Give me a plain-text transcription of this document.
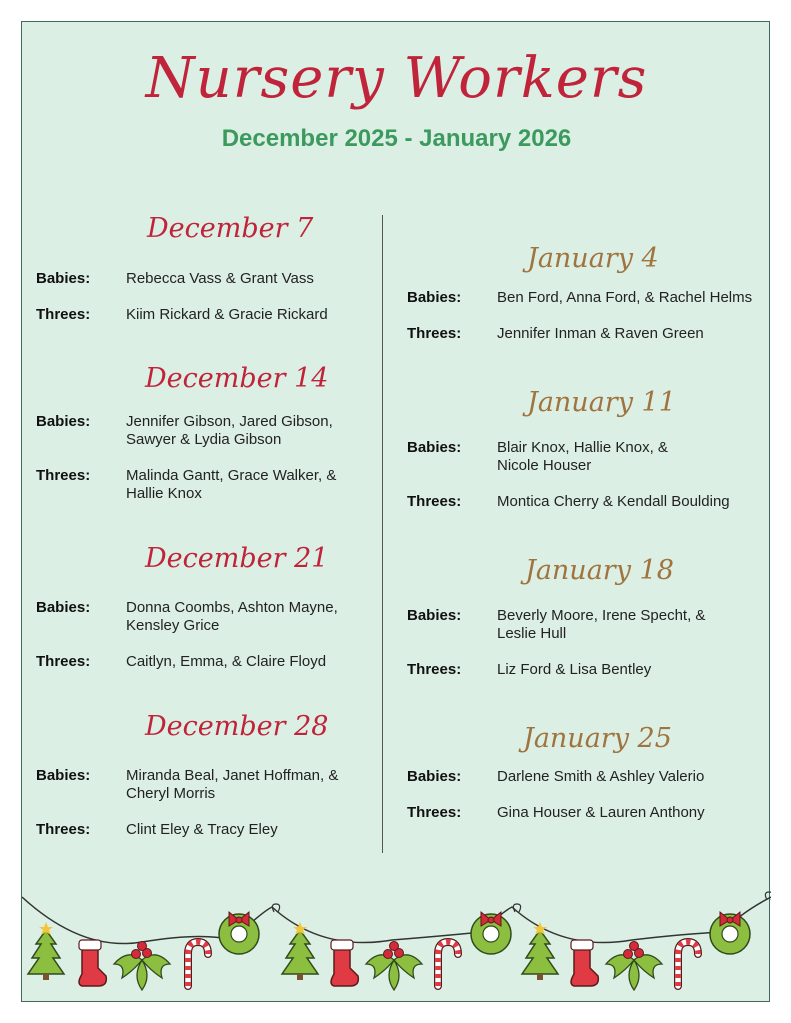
Nursery Workers
December 2025 - January 2026
December 7
Babies: Rebecca Vass & Grant Vass
Threes: Kiim Rickard & Gracie Rickard
December 14
Babies: Jennifer Gibson, Jared Gibson,
Sawyer & Lydia Gibson
Threes: Malinda Gantt, Grace Walker, &
Hallie Knox
December 21
Babies: Donna Coombs, Ashton Mayne,
Kensley Grice
Threes: Caitlyn, Emma, & Claire Floyd
December 28
Babies: Miranda Beal, Janet Hoffman, &
Cheryl Morris
Threes: Clint Eley & Tracy Eley
January 4
Babies: Ben Ford, Anna Ford, & Rachel Helms
Threes: Jennifer Inman & Raven Green
January 11
Babies: Blair Knox, Hallie Knox, &
Nicole Houser
Threes: Montica Cherry & Kendall Boulding
January 18
Babies: Beverly Moore, Irene Specht, &
Leslie Hull
Threes: Liz Ford & Lisa Bentley
January 25
Babies: Darlene Smith & Ashley Valerio
Threes: Gina Houser & Lauren Anthony
